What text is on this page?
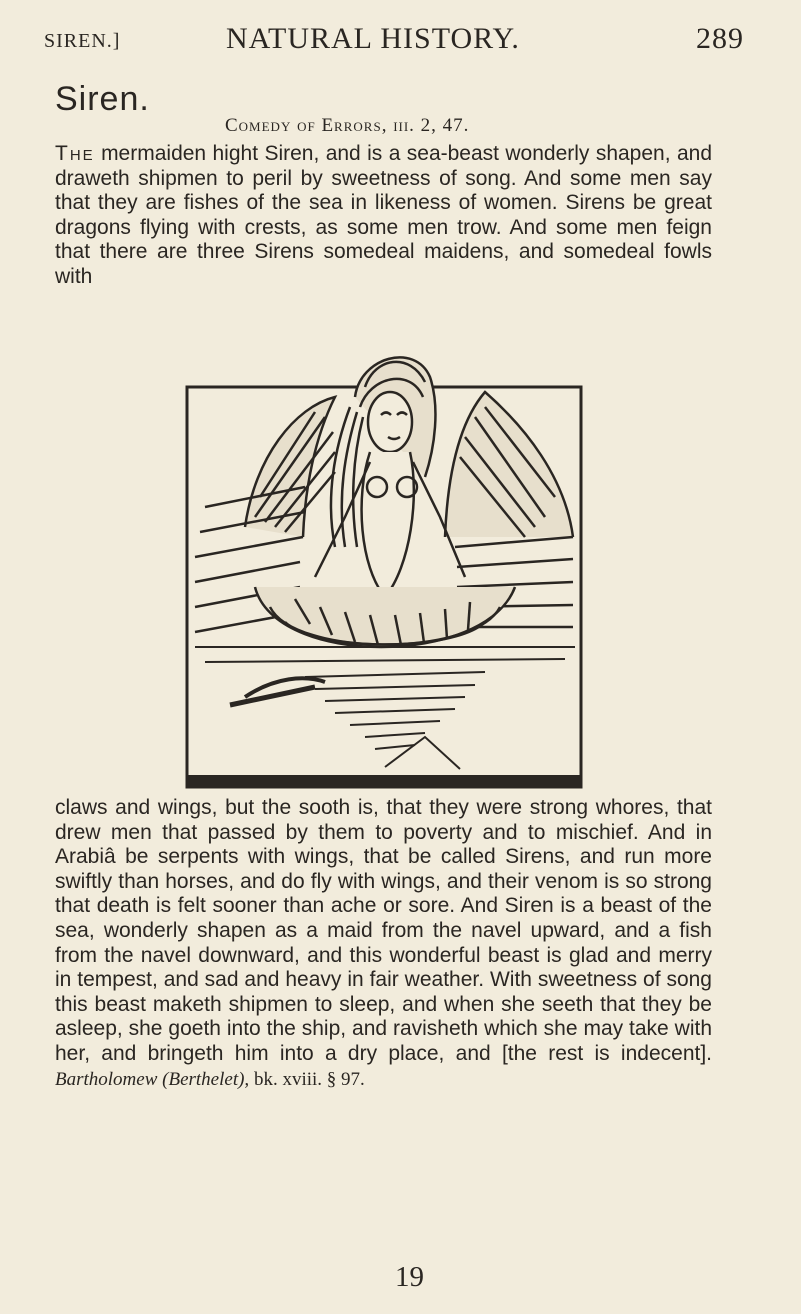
SIREN.]	NATURAL HISTORY.	289
Siren.
Comedy of Errors, iii. 2, 47.
The mermaiden hight Siren, and is a sea-beast wonderly shapen, and draweth shipmen to peril by sweetness of song. And some men say that they are fishes of the sea in likeness of women. Sirens be great dragons flying with crests, as some men trow. And some men feign that there are three Sirens somedeal maidens, and somedeal fowls with
claws and wings, but the sooth is, that they were strong whores, that drew men that passed by them to poverty and to mischief. And in Arabiâ be serpents with wings, that be called Sirens, and run more swiftly than horses, and do fly with wings, and their venom is so strong that death is felt sooner than ache or sore. And Siren is a beast of the sea, wonderly shapen as a maid from the navel upward, and a fish from the navel downward, and this wonderful beast is glad and merry in tempest, and sad and heavy in fair weather. With sweetness of song this beast maketh shipmen to sleep, and when she seeth that they be asleep, she goeth into the ship, and ravisheth which she may take with her, and bringeth him into a dry place, and [the rest is indecent]. Bartholomew (Berthelet), bk. xviii. § 97.
19
